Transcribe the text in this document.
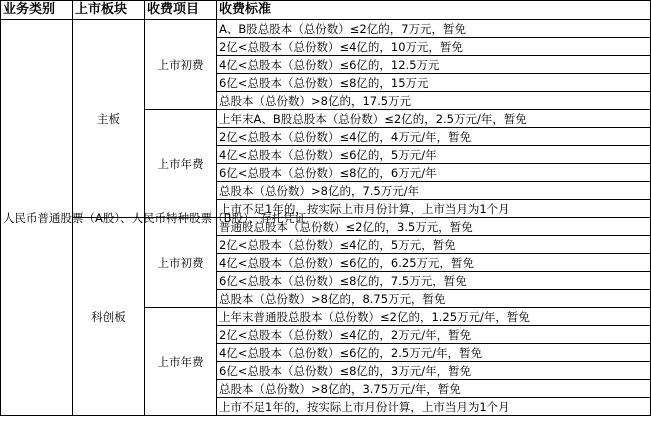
业务类别	上市板块	收费项目	收费标准
人民币普通股票（A股）、人民币特种股票（B股）、存托凭证	主板	上市初费	A、B股总股本（总份数）≤2亿的，7万元，暂免
			2亿<总股本（总份数）≤4亿的，10万元，暂免
			4亿<总股本（总份数）≤6亿的，12.5万元
			6亿<总股本（总份数）≤8亿的，15万元
			总股本（总份数）>8亿的，17.5万元
		上市年费	上年末A、B股总股本（总份数）≤2亿的，2.5万元/年，暂免
			2亿<总股本（总份数）≤4亿的，4万元/年，暂免
			4亿<总股本（总份数）≤6亿的，5万元/年
			6亿<总股本（总份数）≤8亿的，6万元/年
			总股本（总份数）>8亿的，7.5万元/年
			上市不足1年的，按实际上市月份计算，上市当月为1个月
	科创板	上市初费	普通股总股本（总份数）≤2亿的，3.5万元，暂免
			2亿<总股本（总份数）≤4亿的，5万元，暂免
			4亿<总股本（总份数）≤6亿的，6.25万元，暂免
			6亿<总股本（总份数）≤8亿的，7.5万元，暂免
			总股本（总份数）>8亿的，8.75万元，暂免
		上市年费	上年末普通股总股本（总份数）≤2亿的，1.25万元/年，暂免
			2亿<总股本（总份数）≤4亿的，2万元/年，暂免
			4亿<总股本（总份数）≤6亿的，2.5万元/年，暂免
			6亿<总股本（总份数）≤8亿的，3万元/年，暂免
			总股本（总份数）>8亿的，3.75万元/年，暂免
			上市不足1年的，按实际上市月份计算，上市当月为1个月
